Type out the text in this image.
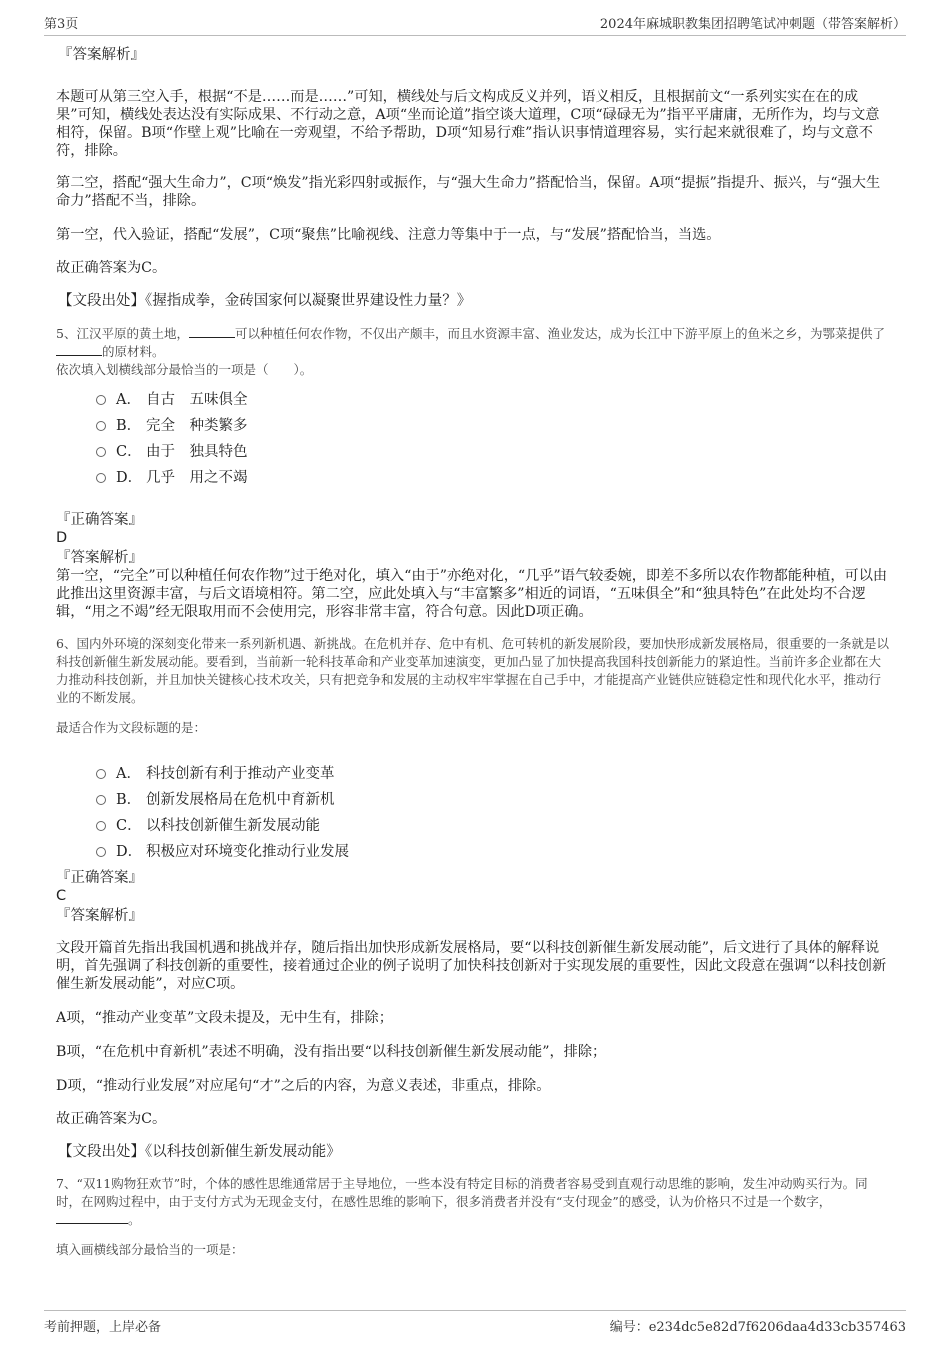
第3页	2024年麻城职教集团招聘笔试冲刺题（带答案解析）

『答案解析』

本题可从第三空入手，根据“不是……而是……”可知，横线处与后文构成反义并列，语义相反，且根据前文“一系列实实在在的成果”可知，横线处表达没有实际成果、不行动之意，A项“坐而论道”指空谈大道理，C项“碌碌无为”指平平庸庸，无所作为，均与文意相符，保留。B项“作壁上观”比喻在一旁观望，不给予帮助，D项“知易行难”指认识事情道理容易，实行起来就很难了，均与文意不符，排除。

第二空，搭配“强大生命力”，C项“焕发”指光彩四射或振作，与“强大生命力”搭配恰当，保留。A项“提振”指提升、振兴，与“强大生命力”搭配不当，排除。

第一空，代入验证，搭配“发展”，C项“聚焦”比喻视线、注意力等集中于一点，与“发展”搭配恰当，当选。

故正确答案为C。

【文段出处】《握指成拳，金砖国家何以凝聚世界建设性力量？》

5、江汉平原的黄土地，	可以种植任何农作物，不仅出产颇丰，而且水资源丰富、渔业发达，成为长江中下游平原上的鱼米之乡，为鄂菜提供了的原材料。

依次填入划横线部分最恰当的一项是（　　）。

A． 自古　五味俱全
B． 完全　种类繁多
C． 由于　独具特色
D． 几乎　用之不竭

『正确答案』

D

『答案解析』

第一空，“完全”可以种植任何农作物”过于绝对化，填入“由于”亦绝对化，“几乎”语气较委婉，即差不多所以农作物都能种植，可以由此推出这里资源丰富，与后文语境相符。第二空，应此处填入与“丰富繁多”相近的词语，“五味俱全”和“独具特色”在此处均不合逻辑，“用之不竭”经无限取用而不会使用完，形容非常丰富，符合句意。因此D项正确。

6、国内外环境的深刻变化带来一系列新机遇、新挑战。在危机并存、危中有机、危可转机的新发展阶段，要加快形成新发展格局，很重要的一条就是以科技创新催生新发展动能。要看到，当前新一轮科技革命和产业变革加速演变，更加凸显了加快提高我国科技创新能力的紧迫性。当前许多企业都在大力推动科技创新，并且加快关键核心技术攻关，只有把竞争和发展的主动权牢牢掌握在自己手中，才能提高产业链供应链稳定性和现代化水平，推动行业的不断发展。

最适合作为文段标题的是：

A． 科技创新有利于推动产业变革
B． 创新发展格局在危机中育新机
C． 以科技创新催生新发展动能
D． 积极应对环境变化推动行业发展

『正确答案』

C

『答案解析』

文段开篇首先指出我国机遇和挑战并存，随后指出加快形成新发展格局，要“以科技创新催生新发展动能”，后文进行了具体的解释说明，首先强调了科技创新的重要性，接着通过企业的例子说明了加快科技创新对于实现发展的重要性，因此文段意在强调“以科技创新催生新发展动能”，对应C项。

A项，“推动产业变革”文段未提及，无中生有，排除；

B项，“在危机中育新机”表述不明确，没有指出要“以科技创新催生新发展动能”，排除；

D项，“推动行业发展”对应尾句“才”之后的内容，为意义表述，非重点，排除。

故正确答案为C。

【文段出处】《以科技创新催生新发展动能》

7、“双11购物狂欢节”时，个体的感性思维通常居于主导地位，一些本没有特定目标的消费者容易受到直观行动思维的影响，发生冲动购买行为。同时，在网购过程中，由于支付方式为无现金支付，在感性思维的影响下，很多消费者并没有“支付现金”的感受，认为价格只不过是一个数字，。

填入画横线部分最恰当的一项是：

考前押题，上岸必备	编号：e234dc5e82d7f6206daa4d33cb357463
